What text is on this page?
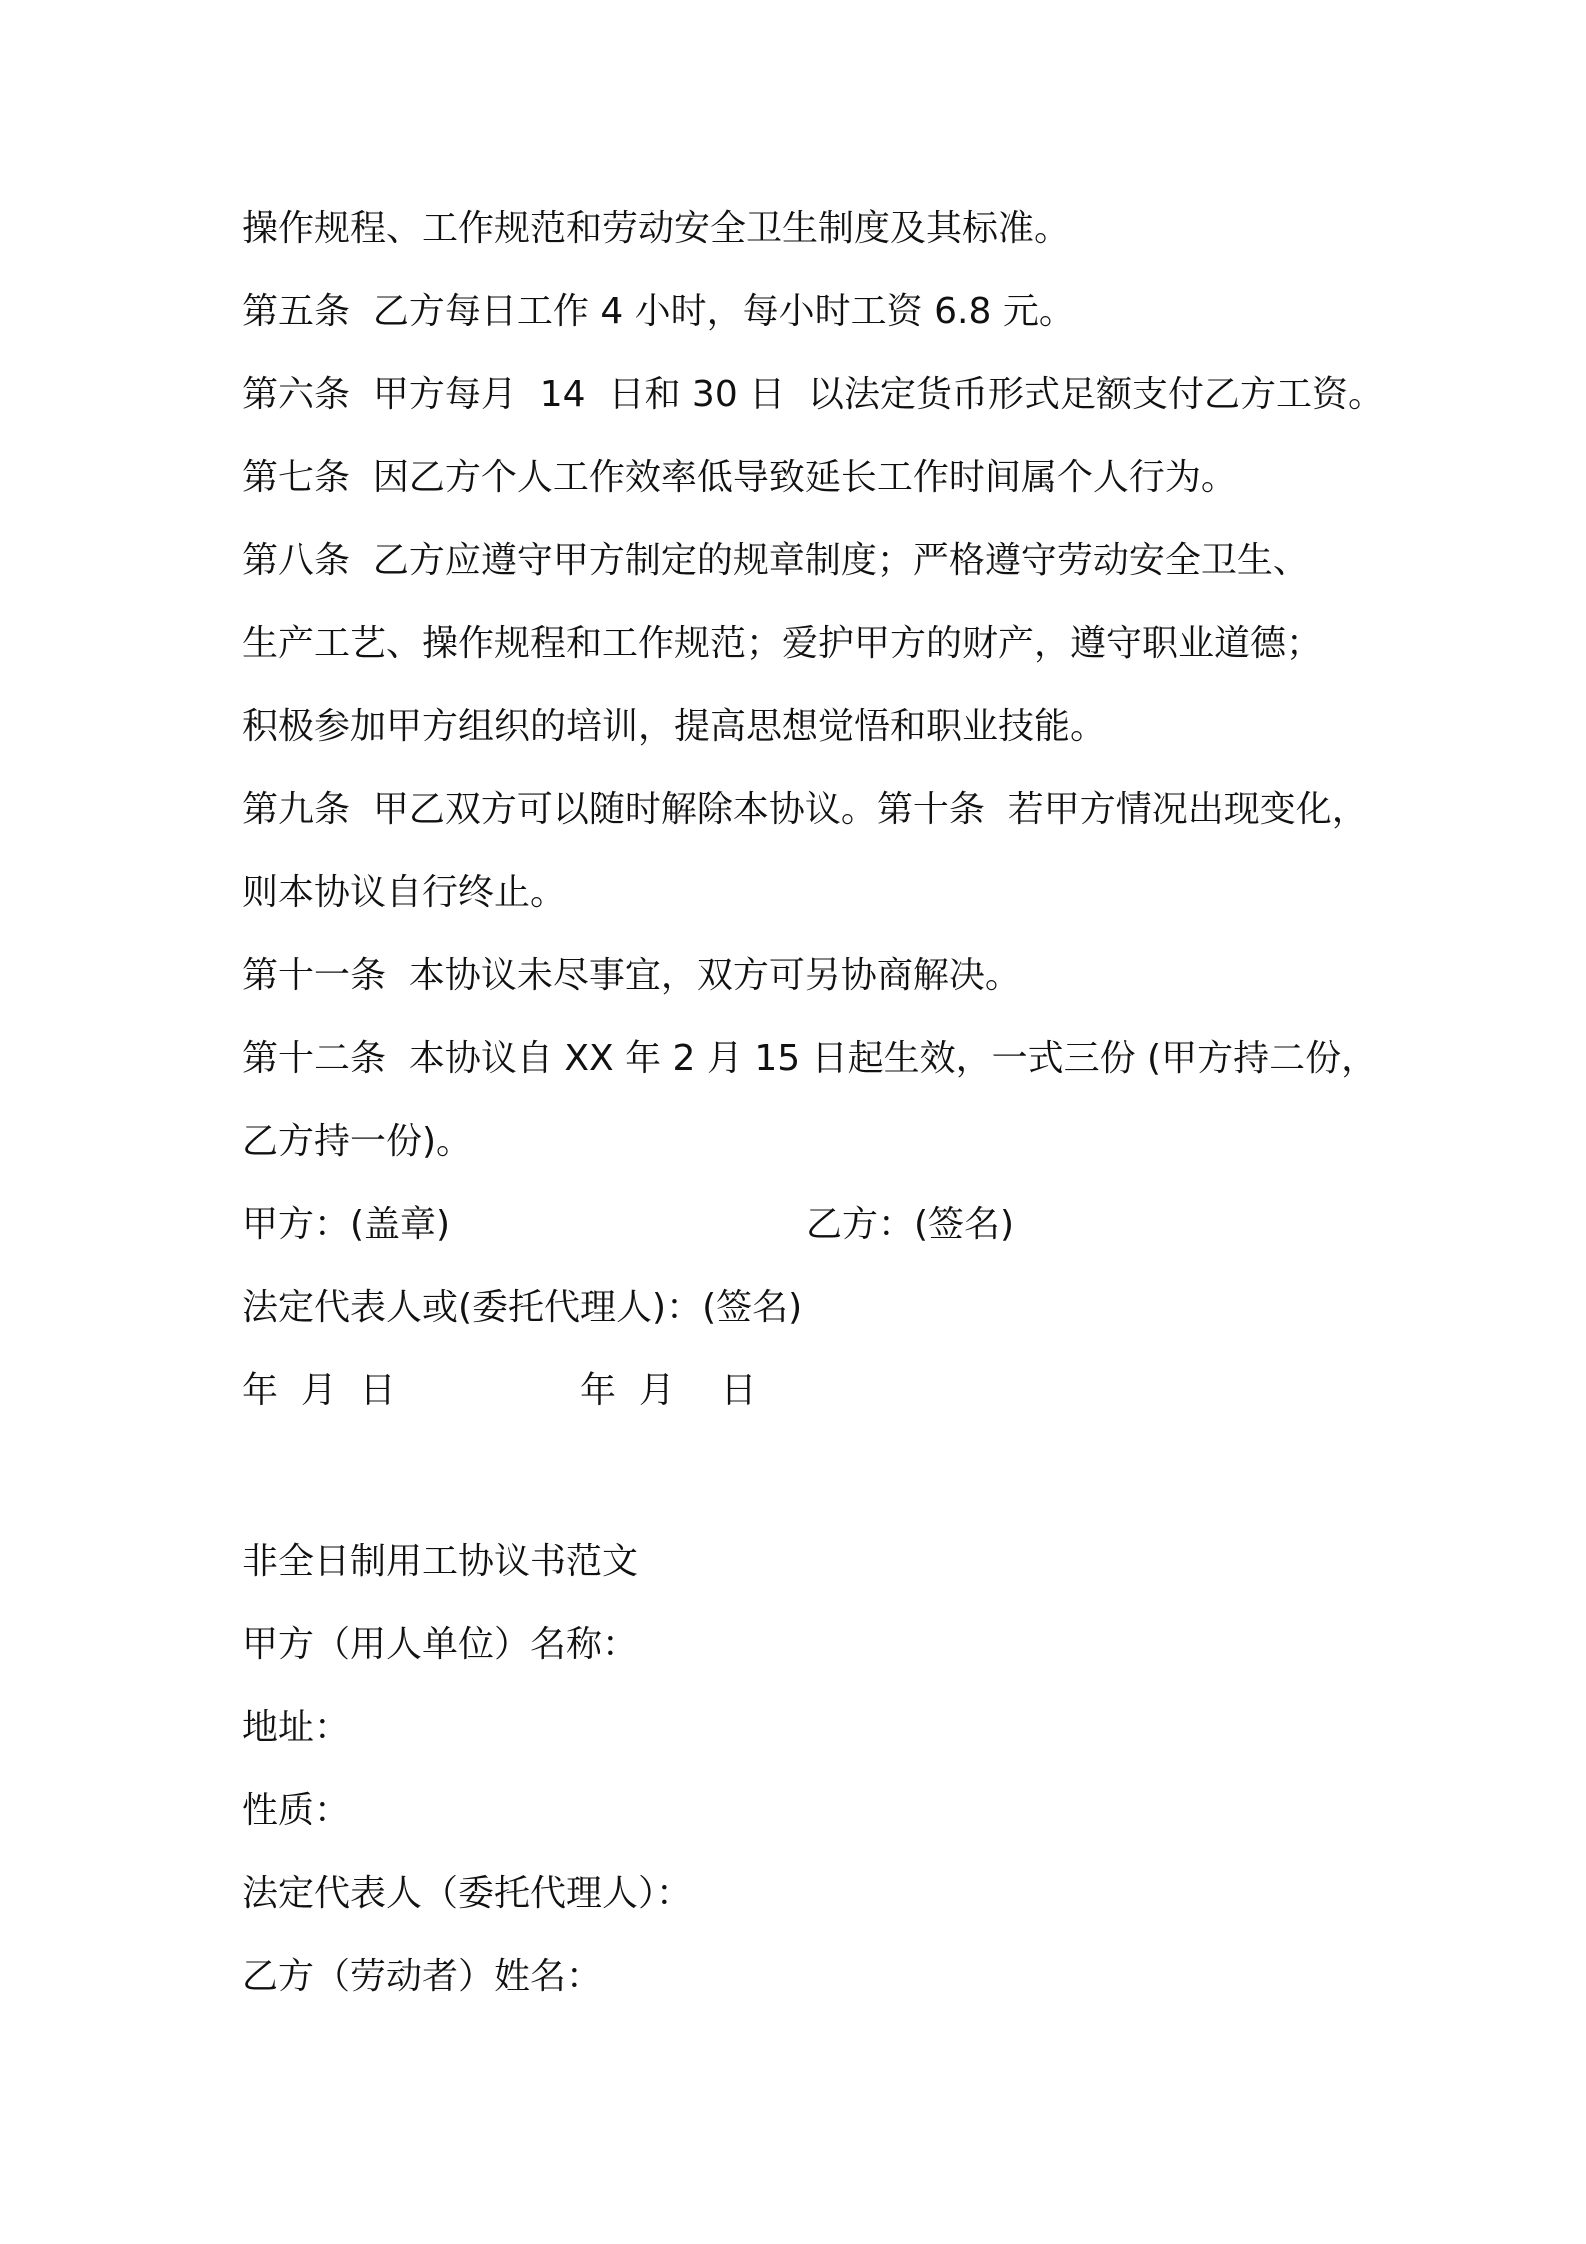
操作规程、工作规范和劳动安全卫生制度及其标准。
第五条  乙方每日工作 4 小时，每小时工资 6.8 元。
第六条  甲方每月  14  日和 30 日  以法定货币形式足额支付乙方工资。
第七条  因乙方个人工作效率低导致延长工作时间属个人行为。
第八条  乙方应遵守甲方制定的规章制度；严格遵守劳动安全卫生、
生产工艺、操作规程和工作规范；爱护甲方的财产，遵守职业道德；
积极参加甲方组织的培训，提高思想觉悟和职业技能。
第九条  甲乙双方可以随时解除本协议。第十条  若甲方情况出现变化，
则本协议自行终止。
第十一条  本协议未尽事宜，双方可另协商解决。
第十二条  本协议自 XX 年 2 月 15 日起生效，一式三份 (甲方持二份，
乙方持一份)。
甲方：(盖章)	乙方：(签名)
法定代表人或(委托代理人)：(签名)
年  月  日	年  月    日
非全日制用工协议书范文
甲方（用人单位）名称：
地址：
性质：
法定代表人（委托代理人）：
乙方（劳动者）姓名：
